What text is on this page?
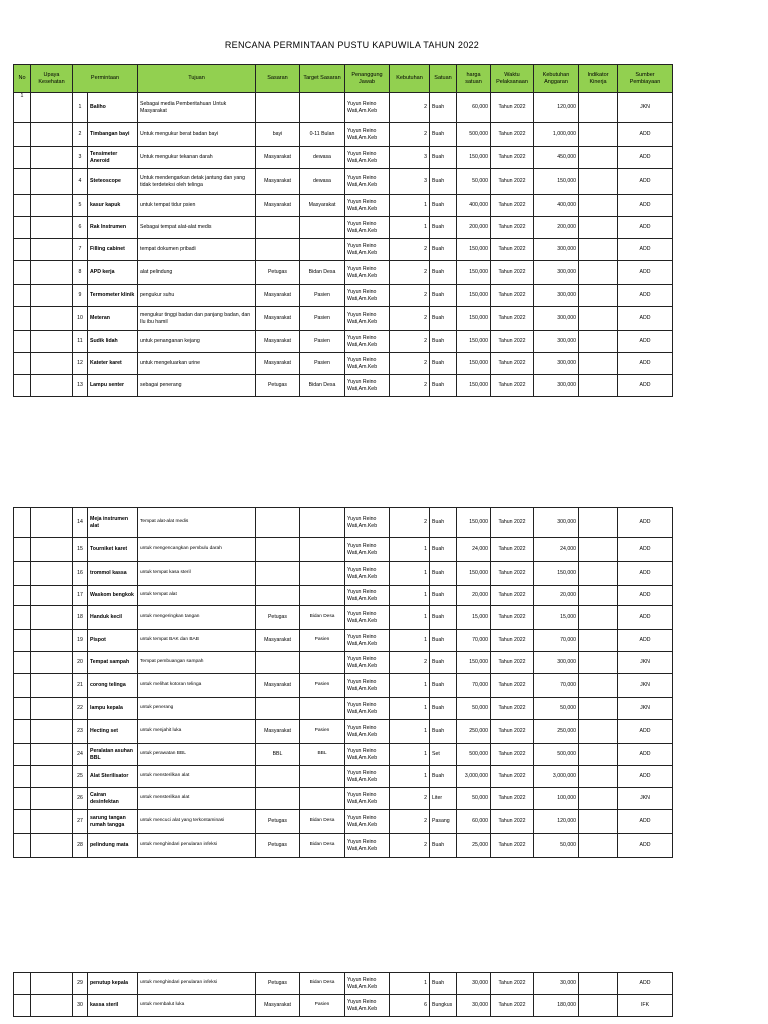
RENCANA PERMINTAAN PUSTU KAPUWILA TAHUN 2022
No	Upaya Kesehatan	Permintaan		Tujuan	Sasaran	Target Sasaran	Penanggung Jawab	Kebutuhan	Satuan	harga satuan	Waktu Pelaksanaan	Kebutuhan Anggaran	Indikator Kinerja	Sumber Pembiayaan
1		1	Baliho	Sebagai media Pemberitahuan Untuk Masyarakat			Yuyun Reino Wati,Am.Keb	2	Buah	60,000	Tahun 2022	120,000		JKN
		2	Timbangan bayi	Untuk mengukur berat badan bayi	bayi	0-11 Bulan	Yuyun Reino Wati,Am.Keb	2	Buah	500,000	Tahun 2022	1,000,000		ADD
		3	Tensimeter Aneroid	Untuk mengukur tekanan darah	Masyarakat	dewasa	Yuyun Reino Wati,Am.Keb	3	Buah	150,000	Tahun 2022	450,000		ADD
		4	Steteoscope	Untuk mendengarkan detak jantung dan yang tidak terdeteksi oleh telinga	Masyarakat	dewasa	Yuyun Reino Wati,Am.Keb	3	Buah	50,000	Tahun 2022	150,000		ADD
		5	kasur kapuk	untuk tempat tidur psien	Masyarakat	Masyarakat	Yuyun Reino Wati,Am.Keb	1	Buah	400,000	Tahun 2022	400,000		ADD
		6	Rak Instrumen	Sebagai tempat alat-alat medis			Yuyun Reino Wati,Am.Keb	1	Buah	200,000	Tahun 2022	200,000		ADD
		7	Filling cabinet	tempat dokumen pribadi			Yuyun Reino Wati,Am.Keb	2	Buah	150,000	Tahun 2022	300,000		ADD
		8	APD kerja	alat pelindung	Petugas	Bidan Desa	Yuyun Reino Wati,Am.Keb	2	Buah	150,000	Tahun 2022	300,000		ADD
		9	Termometer klinik	pengukur suhu	Masyarakat	Pasien	Yuyun Reino Wati,Am.Keb	2	Buah	150,000	Tahun 2022	300,000		ADD
		10	Meteran	mengukur tinggi badan dan panjang badan, dan Ilu ibu hamil	Masyarakat	Pasien	Yuyun Reino Wati,Am.Keb	2	Buah	150,000	Tahun 2022	300,000		ADD
		11	Sudik lidah	untuk penanganan kejang	Masyarakat	Pasien	Yuyun Reino Wati,Am.Keb	2	Buah	150,000	Tahun 2022	300,000		ADD
		12	Kateter karet	untuk mengeluarkan urine	Masyarakat	Pasien	Yuyun Reino Wati,Am.Keb	2	Buah	150,000	Tahun 2022	300,000		ADD
		13	Lampu senter	sebagai penerang	Petugas	Bidan Desa	Yuyun Reino Wati,Am.Keb	2	Buah	150,000	Tahun 2022	300,000		ADD
		14	Meja instrumen alat	Tempat alat-alat medis			Yuyun Reino Wati,Am.Keb	2	Buah	150,000	Tahun 2022	300,000		ADD
		15	Tourniket karet	untuk mengencangkan pembulu darah			Yuyun Reino Wati,Am.Keb	1	Buah	24,000	Tahun 2022	24,000		ADD
		16	trommol kassa	untuk tempat kasa steril			Yuyun Reino Wati,Am.Keb	1	Buah	150,000	Tahun 2022	150,000		ADD
		17	Waskom bengkok	untuk tempat alat			Yuyun Reino Wati,Am.Keb	1	Buah	20,000	Tahun 2022	20,000		ADD
		18	Handuk kecil	untuk mengeringkan tangan	Petugas	Bidan Desa	Yuyun Reino Wati,Am.Keb	1	Buah	15,000	Tahun 2022	15,000		ADD
		19	Pispot	untuk tempat BAK dan BAB	Masyarakat	Pasien	Yuyun Reino Wati,Am.Keb	1	Buah	70,000	Tahun 2022	70,000		ADD
		20	Tempat sampah	Tempat pembuangan sampah			Yuyun Reino Wati,Am.Keb	2	Buah	150,000	Tahun 2022	300,000		JKN
		21	corong telinga	untuk melihat kotoran telinga	Masyarakat	Pasien	Yuyun Reino Wati,Am.Keb	1	Buah	70,000	Tahun 2022	70,000		JKN
		22	lampu kepala	untuk penerang			Yuyun Reino Wati,Am.Keb	1	Buah	50,000	Tahun 2022	50,000		JKN
		23	Hecting set	untuk menjahit luka	Masyarakat	Pasien	Yuyun Reino Wati,Am.Keb	1	Buah	250,000	Tahun 2022	250,000		ADD
		24	Peralatan asuhan BBL	untuk perawatan BBL	BBL	BBL	Yuyun Reino Wati,Am.Keb	1	Set	500,000	Tahun 2022	500,000		ADD
		25	Alat Sterilisator	untuk mensterilkan alat			Yuyun Reino Wati,Am.Keb	1	Buah	3,000,000	Tahun 2022	3,000,000		ADD
		26	Cairan desinfektan	untuk mensterilkan alat			Yuyun Reino Wati,Am.Keb	2	Liter	50,000	Tahun 2022	100,000		JKN
		27	sarung tangan rumah tangga	untuk mencuci alat yang terkontaminasi	Petugas	Bidan Desa	Yuyun Reino Wati,Am.Keb	2	Pasang	60,000	Tahun 2022	120,000		ADD
		28	pelindung mata	untuk menghindari penularan infeksi	Petugas	Bidan Desa	Yuyun Reino Wati,Am.Keb	2	Buah	25,000	Tahun 2022	50,000		ADD
		29	penutup kepala	untuk menghindari penularan infeksi	Petugas	Bidan Desa	Yuyun Reino Wati,Am.Keb	1	Buah	30,000	Tahun 2022	30,000		ADD
		30	kassa steril	untuk membalut luka	Masyarakat	Pasien	Yuyun Reino Wati,Am.Keb	6	Bungkus	30,000	Tahun 2022	180,000		IFK
